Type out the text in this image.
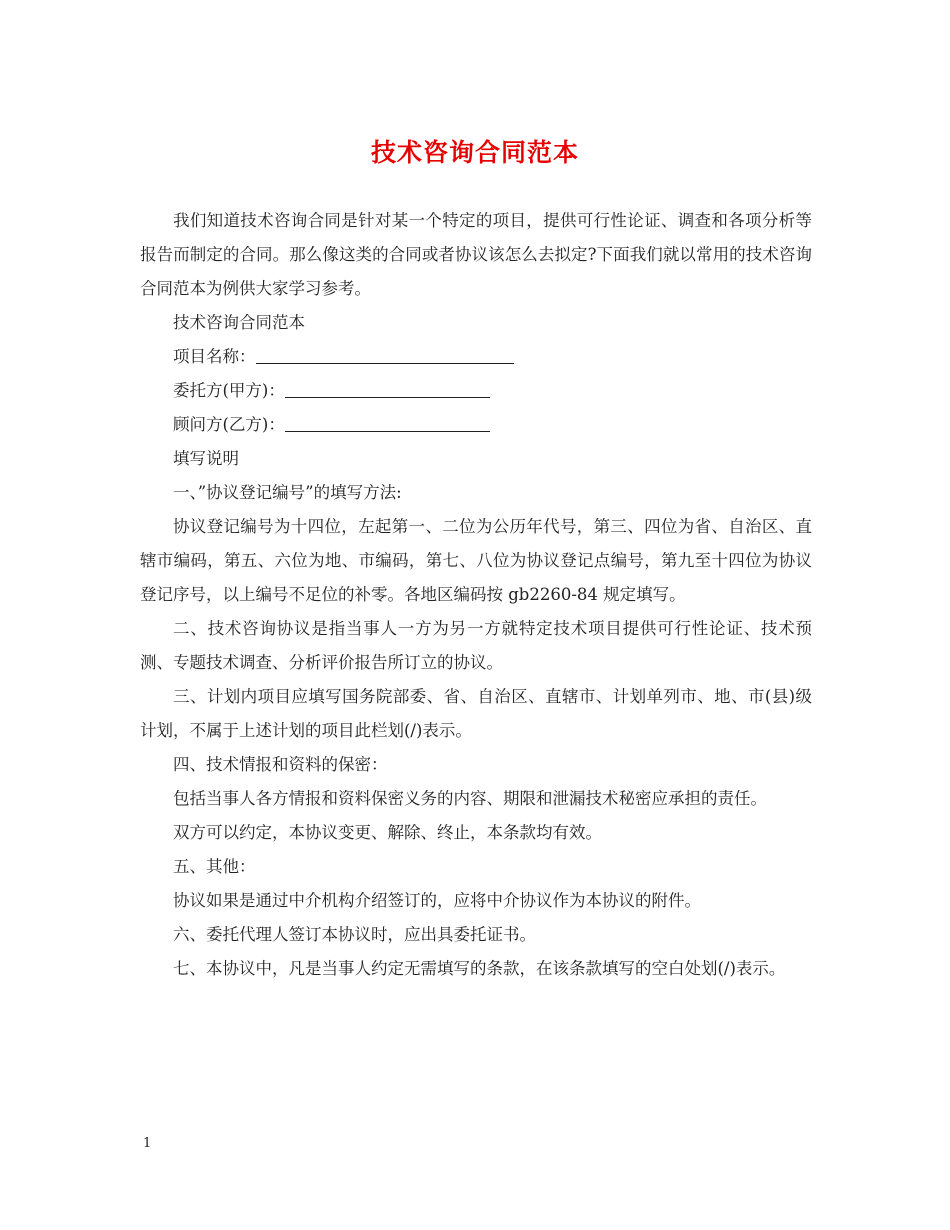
技术咨询合同范本

我们知道技术咨询合同是针对某一个特定的项目，提供可行性论证、调查和各项分析等报告而制定的合同。那么像这类的合同或者协议该怎么去拟定?下面我们就以常用的技术咨询合同范本为例供大家学习参考。

技术咨询合同范本

项目名称：

委托方(甲方)：

顾问方(乙方)：

填写说明

一、”协议登记编号”的填写方法:

协议登记编号为十四位，左起第一、二位为公历年代号，第三、四位为省、自治区、直辖市编码，第五、六位为地、市编码，第七、八位为协议登记点编号，第九至十四位为协议登记序号，以上编号不足位的补零。各地区编码按 gb2260-84 规定填写。

二、技术咨询协议是指当事人一方为另一方就特定技术项目提供可行性论证、技术预测、专题技术调查、分析评价报告所订立的协议。

三、计划内项目应填写国务院部委、省、自治区、直辖市、计划单列市、地、市(县)级计划，不属于上述计划的项目此栏划(/)表示。

四、技术情报和资料的保密：

包括当事人各方情报和资料保密义务的内容、期限和泄漏技术秘密应承担的责任。

双方可以约定，本协议变更、解除、终止，本条款均有效。

五、其他：

协议如果是通过中介机构介绍签订的，应将中介协议作为本协议的附件。

六、委托代理人签订本协议时，应出具委托证书。

七、本协议中，凡是当事人约定无需填写的条款，在该条款填写的空白处划(/)表示。

1
